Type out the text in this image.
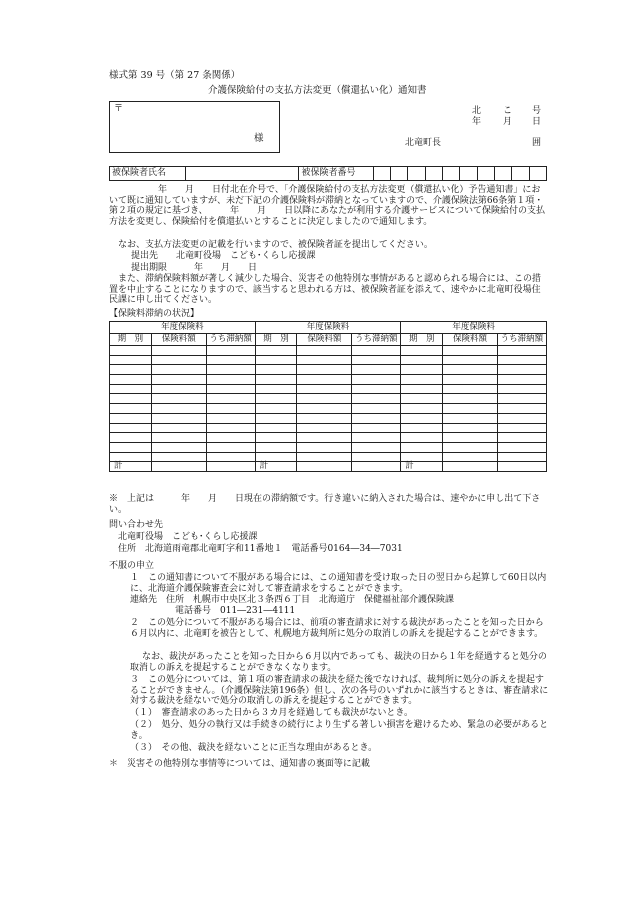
様式第 39 号（第 27 条関係）
介護保険給付の支払方法変更（償還払い化）通知書
〒
様
北 こ 号
年 月 日
北竜町長	囲
被保険者氏名		被保険者番号										
　年　　月　　日付北在介号で、「介護保険給付の支払方法変更（償還払い化）予告通知書」において既に通知していますが、未だ下記の介護保険料が滞納となっていますので、介護保険法第66条第１項・第２項の規定に基づき、　　　年　　月　　日以降にあなたが利用する介護サービスについて保険給付の支払方法を変更し、保険給付を償還払いとすることに決定しましたので通知します。
なお、支払方法変更の記載を行いますので、被保険者証を提出してください。
提出先　　北竜町役場　こども･くらし応援課
提出期限　　　年　　月　　日
また、滞納保険料額が著しく減少した場合、災害その他特別な事情があると認められる場合には、この措置を中止することになりますので、該当すると思われる方は、被保険者証を添えて、速やかに北竜町役場住民課に申し出てください。
【保険料滞納の状況】
年度保険料			年度保険料			年度保険料		
期　別	保険料額	うち滞納額	期　別	保険料額	うち滞納額	期　別	保険料額	うち滞納額

計			計			計		
※　上記は　　　年　　月　　日現在の滞納額です。行き違いに納入された場合は、速やかに申し出て下さい。
問い合わせ先
北竜町役場　こども･くらし応援課
住所　北海道雨竜郡北竜町字和11番地１　電話番号0164―34―7031
不服の申立
１　この通知書について不服がある場合には、この通知書を受け取った日の翌日から起算して60日以内に、北海道介護保険審査会に対して審査請求をすることができます。
連絡先　住所　札幌市中央区北３条西６丁目　北海道庁　保健福祉部介護保険課
電話番号　011―231―4111
２　この処分について不服がある場合には、前項の審査請求に対する裁決があったことを知った日から６月以内に、北竜町を被告として、札幌地方裁判所に処分の取消しの訴えを提起することができます。
なお、裁決があったことを知った日から６月以内であっても、裁決の日から１年を経過すると処分の取消しの訴えを提起することができなくなります。
３　この処分については、第１項の審査請求の裁決を経た後でなければ、裁判所に処分の訴えを提起することができません。（介護保険法第196条）但し、次の各号のいずれかに該当するときは、審査請求に対する裁決を経ないで処分の取消しの訴えを提起することができます。
（１）　審査請求のあった日から３カ月を経過しても裁決がないとき。
（２）　処分、処分の執行又は手続きの続行により生ずる著しい損害を避けるため、緊急の必要があるとき。
（３）　その他、裁決を経ないことに正当な理由があるとき。
＊　災害その他特別な事情等については、通知書の裏面等に記載
